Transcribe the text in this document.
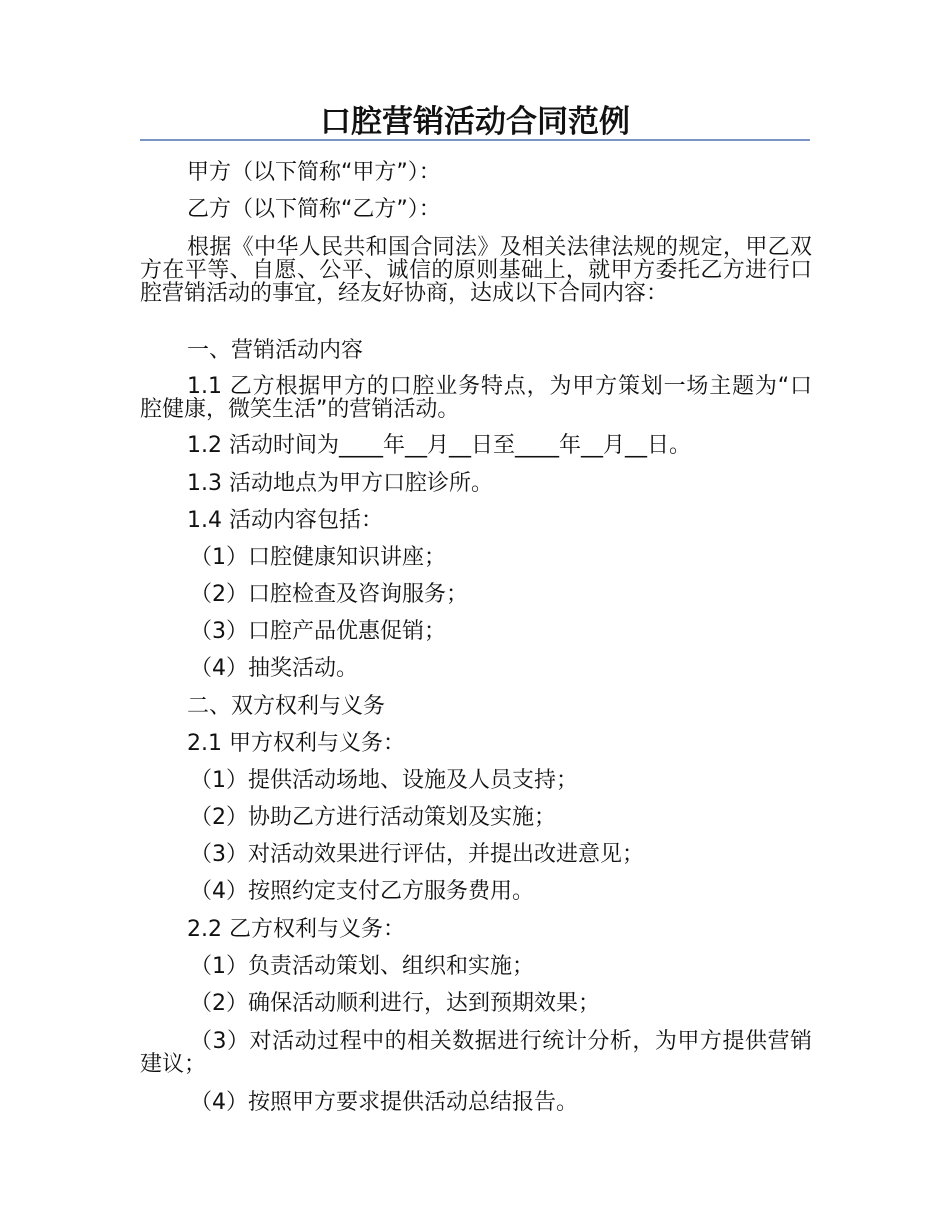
口腔营销活动合同范例
甲方（以下简称“甲方”）：
乙方（以下简称“乙方”）：
根据《中华人民共和国合同法》及相关法律法规的规定，甲乙双方在平等、自愿、公平、诚信的原则基础上，就甲方委托乙方进行口腔营销活动的事宜，经友好协商，达成以下合同内容：
一、营销活动内容
1.1 乙方根据甲方的口腔业务特点，为甲方策划一场主题为“口腔健康，微笑生活”的营销活动。
1.2 活动时间为____年__月__日至____年__月__日。
1.3 活动地点为甲方口腔诊所。
1.4 活动内容包括：
（1）口腔健康知识讲座；
（2）口腔检查及咨询服务；
（3）口腔产品优惠促销；
（4）抽奖活动。
二、双方权利与义务
2.1 甲方权利与义务：
（1）提供活动场地、设施及人员支持；
（2）协助乙方进行活动策划及实施；
（3）对活动效果进行评估，并提出改进意见；
（4）按照约定支付乙方服务费用。
2.2 乙方权利与义务：
（1）负责活动策划、组织和实施；
（2）确保活动顺利进行，达到预期效果；
（3）对活动过程中的相关数据进行统计分析，为甲方提供营销建议；
（4）按照甲方要求提供活动总结报告。
